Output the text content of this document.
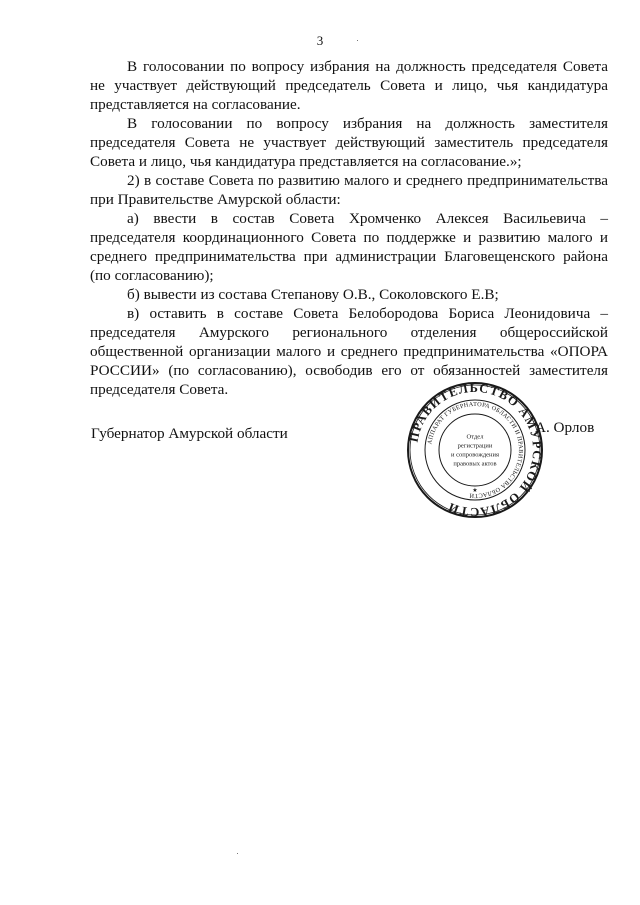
3

В голосовании по вопросу избрания на должность председателя Совета не участвует действующий председатель Совета и лицо, чья кандидатура представляется на согласование.

В голосовании по вопросу избрания на должность заместителя председателя Совета не участвует действующий заместитель председателя Совета и лицо, чья кандидатура представляется на согласование.»;

2) в составе Совета по развитию малого и среднего предпринимательства при Правительстве Амурской области:

а) ввести в состав Совета Хромченко Алексея Васильевича – председателя координационного Совета по поддержке и развитию малого и среднего предпринимательства при администрации Благовещенского района (по согласованию);

б) вывести из состава Степанову О.В., Соколовского Е.В;

в) оставить в составе Совета Белобородова Бориса Леонидовича – председателя Амурского регионального отделения общероссийской общественной организации малого и среднего предпринимательства «ОПОРА РОССИИ» (по согласованию), освободив его от обязанностей заместителя председателя Совета.

Губернатор Амурской области	ПРАВИТЕЛЬСТВО АМУРСКОЙ ОБЛАСТИ
АППАРАТ ГУБЕРНАТОРА ОБЛАСТИ И ПРАВИТЕЛЬСТВА ОБЛАСТИ
Отдел
регистрации
и сопровождения
правовых актов
★
А. Орлов
